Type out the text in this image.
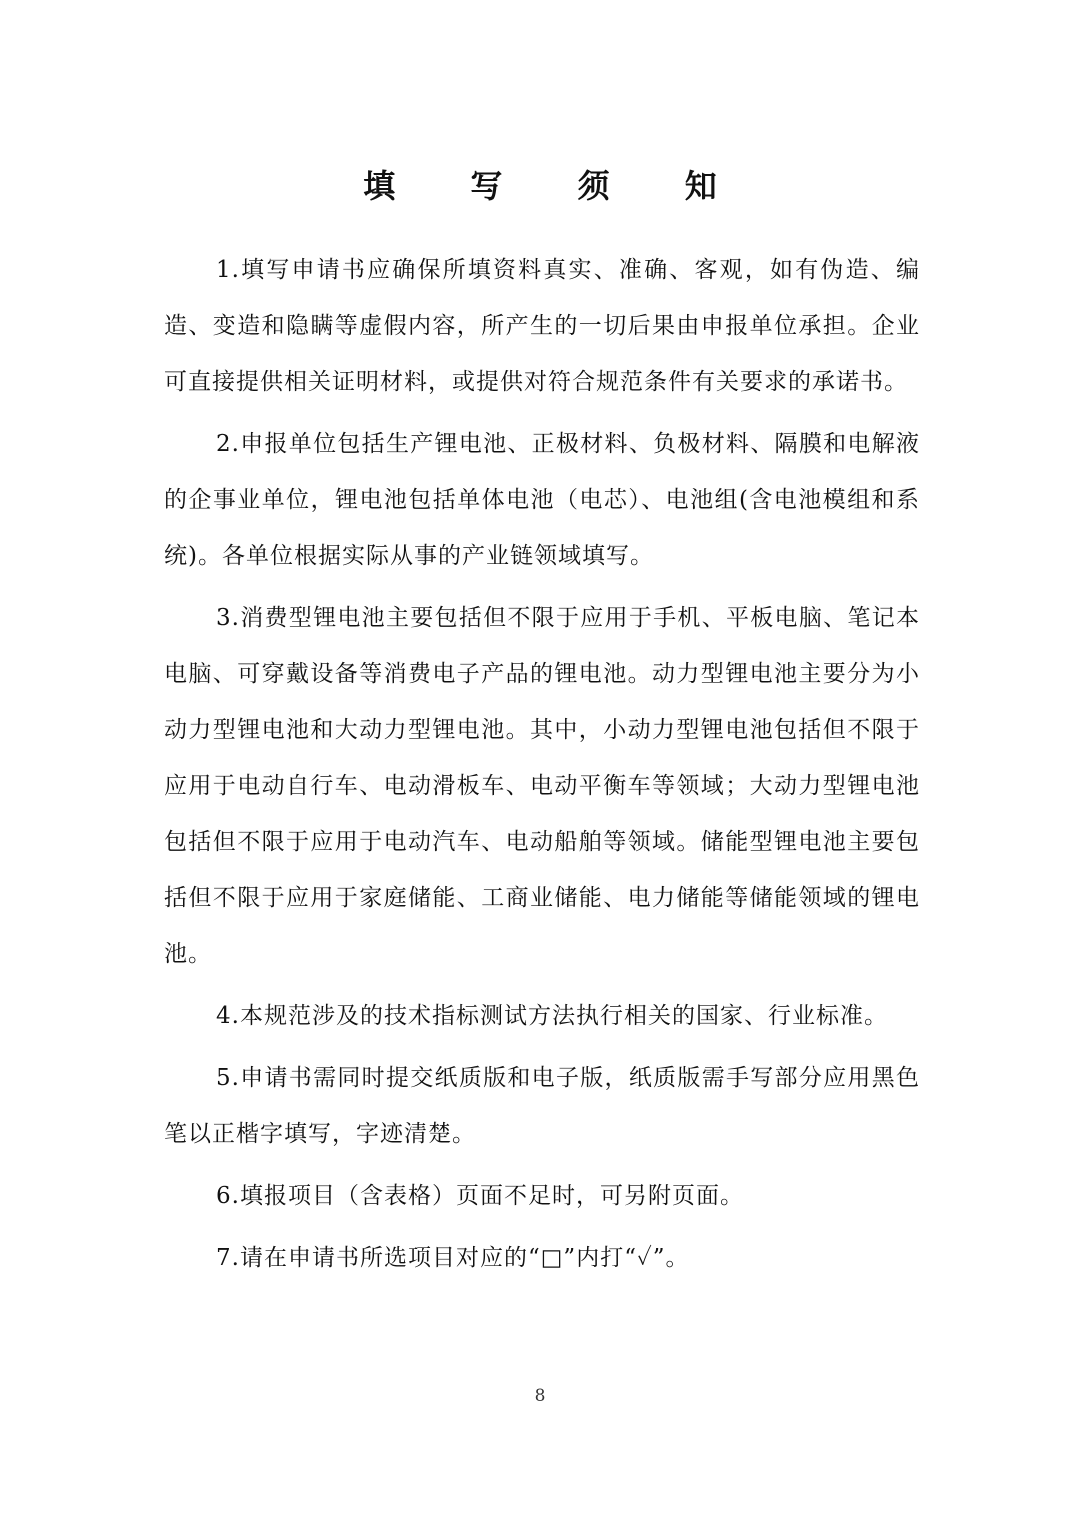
填 写 须 知

1.填写申请书应确保所填资料真实、准确、客观，如有伪造、编造、变造和隐瞒等虚假内容，所产生的一切后果由申报单位承担。企业可直接提供相关证明材料，或提供对符合规范条件有关要求的承诺书。

2.申报单位包括生产锂电池、正极材料、负极材料、隔膜和电解液的企事业单位，锂电池包括单体电池（电芯）、电池组(含电池模组和系统)。各单位根据实际从事的产业链领域填写。

3.消费型锂电池主要包括但不限于应用于手机、平板电脑、笔记本电脑、可穿戴设备等消费电子产品的锂电池。动力型锂电池主要分为小动力型锂电池和大动力型锂电池。其中，小动力型锂电池包括但不限于应用于电动自行车、电动滑板车、电动平衡车等领域；大动力型锂电池包括但不限于应用于电动汽车、电动船舶等领域。储能型锂电池主要包括但不限于应用于家庭储能、工商业储能、电力储能等储能领域的锂电池。

4.本规范涉及的技术指标测试方法执行相关的国家、行业标准。

5.申请书需同时提交纸质版和电子版，纸质版需手写部分应用黑色笔以正楷字填写，字迹清楚。

6.填报项目（含表格）页面不足时，可另附页面。

7.请在申请书所选项目对应的“□”内打“✓”。

8
